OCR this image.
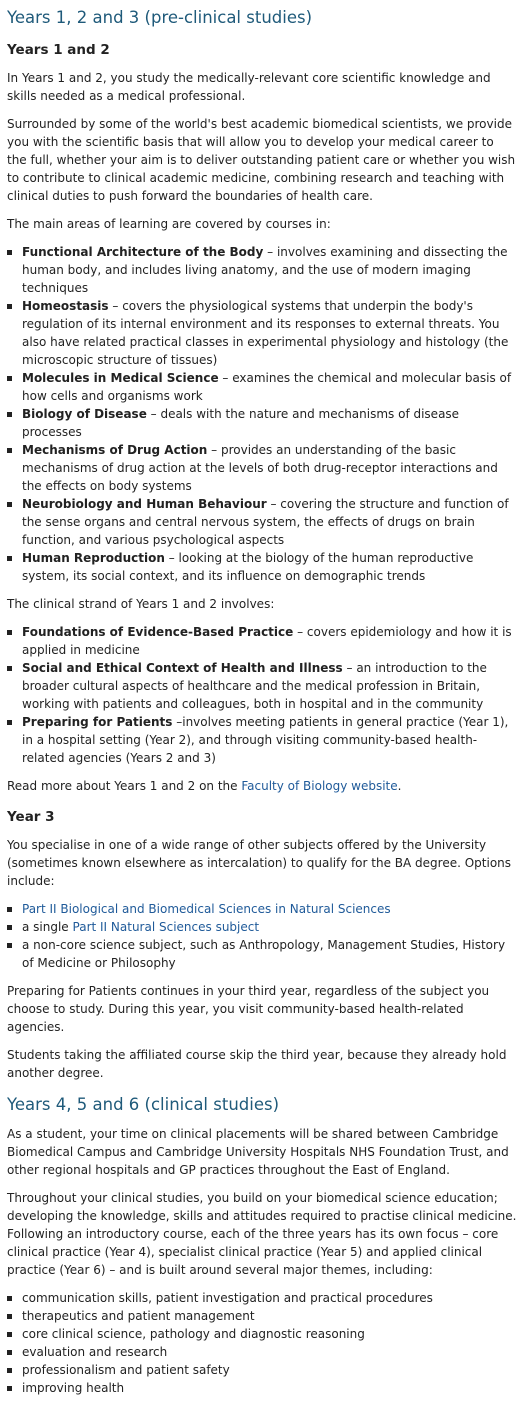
Years 1, 2 and 3 (pre-clinical studies)
Years 1 and 2

In Years 1 and 2, you study the medically-relevant core scientific knowledge and skills needed as a medical professional.

Surrounded by some of the world's best academic biomedical scientists, we provide you with the scientific basis that will allow you to develop your medical career to the full, whether your aim is to deliver outstanding patient care or whether you wish to contribute to clinical academic medicine, combining research and teaching with clinical duties to push forward the boundaries of health care.

The main areas of learning are covered by courses in:

Functional Architecture of the Body – involves examining and dissecting the human body, and includes living anatomy, and the use of modern imaging techniques
Homeostasis – covers the physiological systems that underpin the body's regulation of its internal environment and its responses to external threats. You also have related practical classes in experimental physiology and histology (the microscopic structure of tissues)
Molecules in Medical Science – examines the chemical and molecular basis of how cells and organisms work
Biology of Disease – deals with the nature and mechanisms of disease processes
Mechanisms of Drug Action – provides an understanding of the basic mechanisms of drug action at the levels of both drug-receptor interactions and the effects on body systems
Neurobiology and Human Behaviour – covering the structure and function of the sense organs and central nervous system, the effects of drugs on brain function, and various psychological aspects
Human Reproduction – looking at the biology of the human reproductive system, its social context, and its influence on demographic trends

The clinical strand of Years 1 and 2 involves:

Foundations of Evidence-Based Practice – covers epidemiology and how it is applied in medicine
Social and Ethical Context of Health and Illness – an introduction to the broader cultural aspects of healthcare and the medical profession in Britain, working with patients and colleagues, both in hospital and in the community
Preparing for Patients –involves meeting patients in general practice (Year 1), in a hospital setting (Year 2), and through visiting community-based health-related agencies (Years 2 and 3)

Read more about Years 1 and 2 on the Faculty of Biology website.

Year 3

You specialise in one of a wide range of other subjects offered by the University (sometimes known elsewhere as intercalation) to qualify for the BA degree. Options include:

Part II Biological and Biomedical Sciences in Natural Sciences
a single Part II Natural Sciences subject
a non-core science subject, such as Anthropology, Management Studies, History of Medicine or Philosophy

Preparing for Patients continues in your third year, regardless of the subject you choose to study. During this year, you visit community-based health-related agencies.

Students taking the affiliated course skip the third year, because they already hold another degree.

Years 4, 5 and 6 (clinical studies)

As a student, your time on clinical placements will be shared between Cambridge Biomedical Campus and Cambridge University Hospitals NHS Foundation Trust, and other regional hospitals and GP practices throughout the East of England.

Throughout your clinical studies, you build on your biomedical science education; developing the knowledge, skills and attitudes required to practise clinical medicine. Following an introductory course, each of the three years has its own focus – core clinical practice (Year 4), specialist clinical practice (Year 5) and applied clinical practice (Year 6) – and is built around several major themes, including:

communication skills, patient investigation and practical procedures
therapeutics and patient management
core clinical science, pathology and diagnostic reasoning
evaluation and research
professionalism and patient safety
improving health
